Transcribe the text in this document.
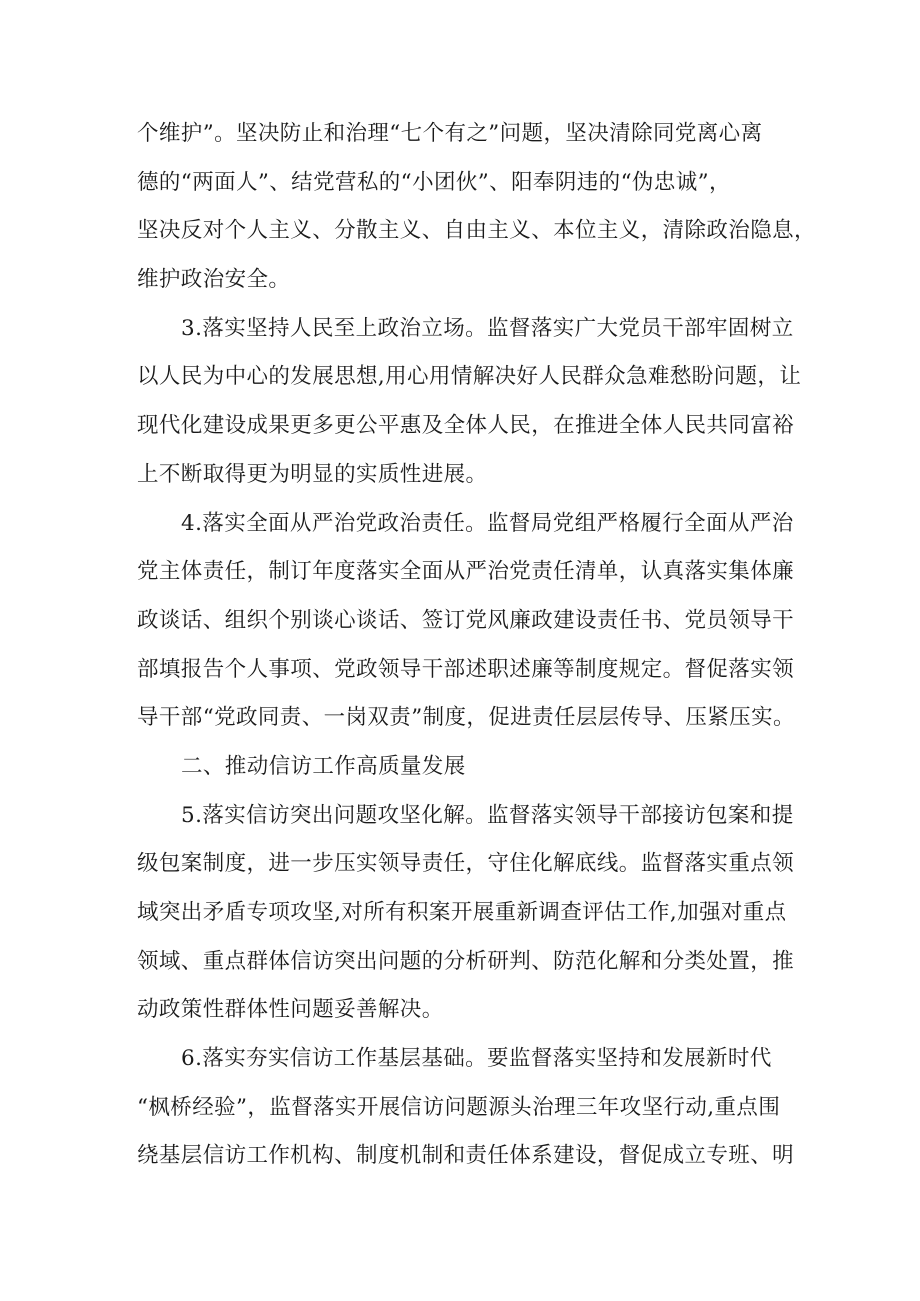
个维护”。坚决防止和治理“七个有之”问题，坚决清除同党离心离
德的“两面人”、结党营私的“小团伙”、阳奉阴违的“伪忠诚”，
坚决反对个人主义、分散主义、自由主义、本位主义，清除政治隐息，
维护政治安全。
3.落实坚持人民至上政治立场。监督落实广大党员干部牢固树立
以人民为中心的发展思想,用心用情解决好人民群众急难愁盼问题，让
现代化建设成果更多更公平惠及全体人民，在推进全体人民共同富裕
上不断取得更为明显的实质性进展。
4.落实全面从严治党政治责任。监督局党组严格履行全面从严治
党主体责任，制订年度落实全面从严治党责任清单，认真落实集体廉
政谈话、组织个别谈心谈话、签订党风廉政建设责任书、党员领导干
部填报告个人事项、党政领导干部述职述廉等制度规定。督促落实领
导干部“党政同责、一岗双责”制度，促进责任层层传导、压紧压实。
二、推动信访工作高质量发展
5.落实信访突出问题攻坚化解。监督落实领导干部接访包案和提
级包案制度，进一步压实领导责任，守住化解底线。监督落实重点领
域突出矛盾专项攻坚,对所有积案开展重新调查评估工作,加强对重点
领域、重点群体信访突出问题的分析研判、防范化解和分类处置，推
动政策性群体性问题妥善解决。
6.落实夯实信访工作基层基础。要监督落实坚持和发展新时代
“枫桥经验”，监督落实开展信访问题源头治理三年攻坚行动,重点围
绕基层信访工作机构、制度机制和责任体系建设，督促成立专班、明
